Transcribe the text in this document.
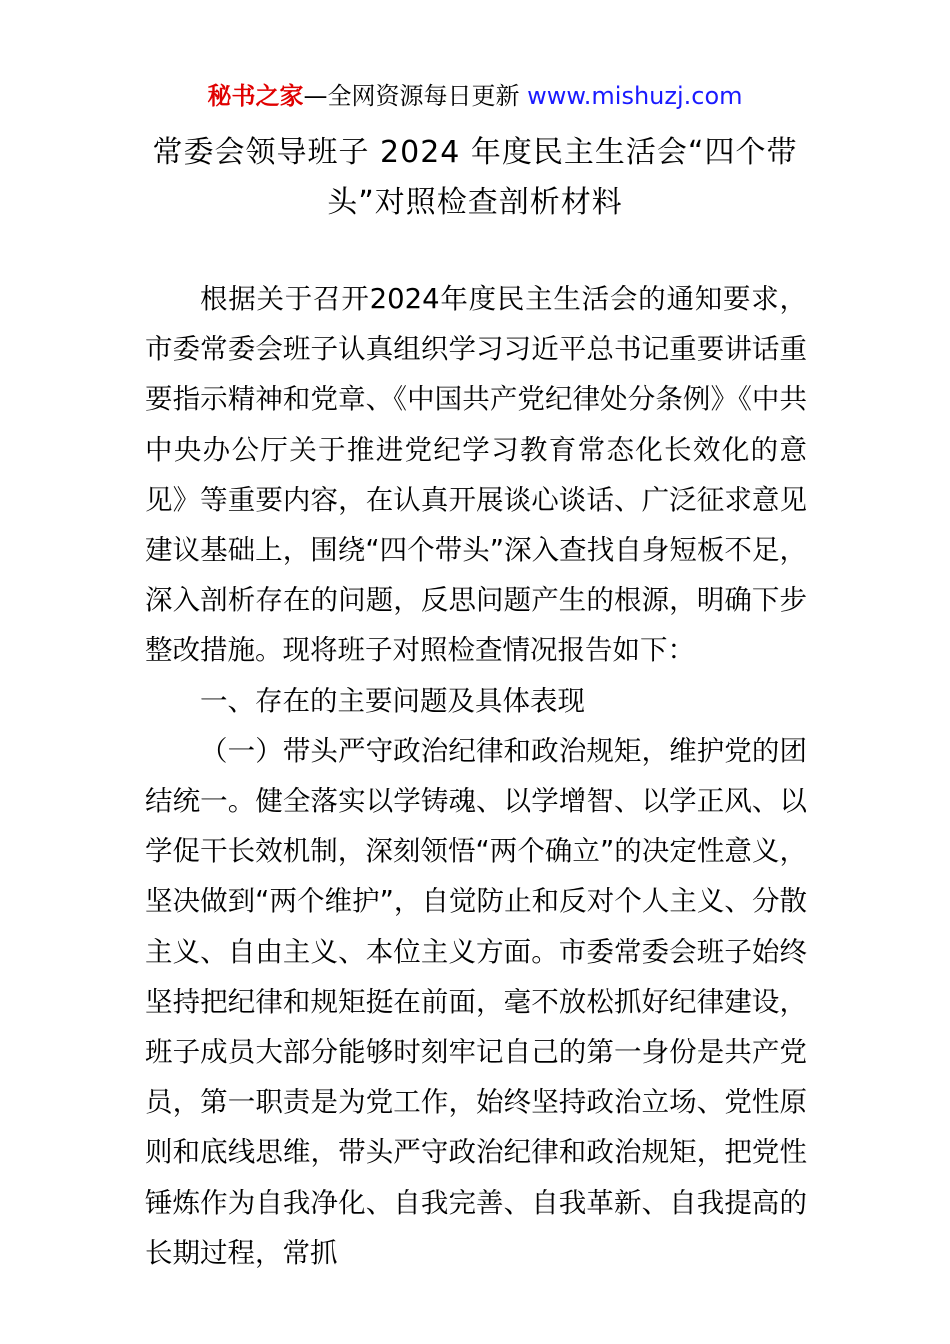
秘书之家—全网资源每日更新 www.mishuzj.com
常委会领导班子 2024 年度民主生活会“四个带头”对照检查剖析材料

根据关于召开2024年度民主生活会的通知要求，市委常委会班子认真组织学习习近平总书记重要讲话重要指示精神和党章、《中国共产党纪律处分条例》《中共中央办公厅关于推进党纪学习教育常态化长效化的意见》等重要内容，在认真开展谈心谈话、广泛征求意见建议基础上，围绕“四个带头”深入查找自身短板不足，深入剖析存在的问题，反思问题产生的根源，明确下步整改措施。现将班子对照检查情况报告如下：

一、存在的主要问题及具体表现

（一）带头严守政治纪律和政治规矩，维护党的团结统一。健全落实以学铸魂、以学增智、以学正风、以学促干长效机制，深刻领悟“两个确立”的决定性意义，坚决做到“两个维护”，自觉防止和反对个人主义、分散主义、自由主义、本位主义方面。市委常委会班子始终坚持把纪律和规矩挺在前面，毫不放松抓好纪律建设，班子成员大部分能够时刻牢记自己的第一身份是共产党员，第一职责是为党工作，始终坚持政治立场、党性原则和底线思维，带头严守政治纪律和政治规矩，把党性锤炼作为自我净化、自我完善、自我革新、自我提高的长期过程，常抓
